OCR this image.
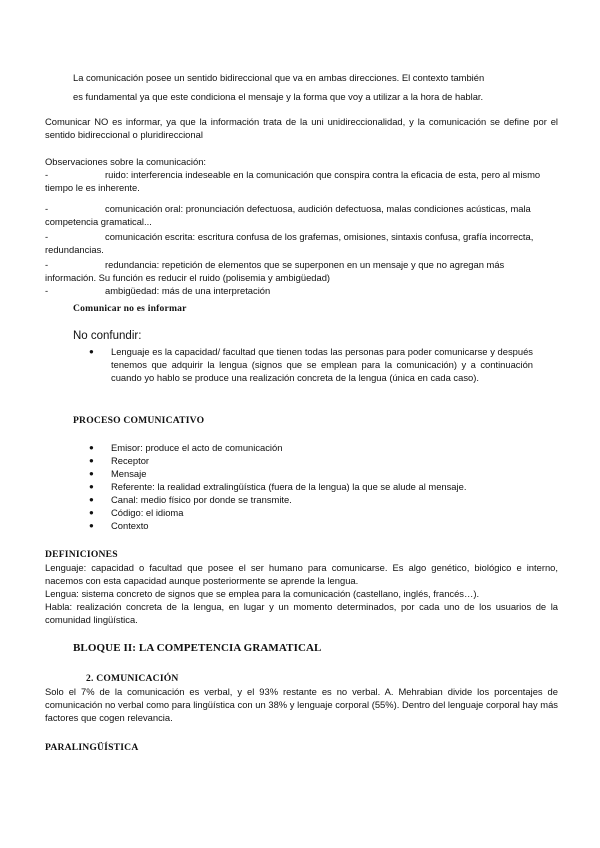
La comunicación posee un sentido bidireccional que va en ambas direcciones. El contexto también

es fundamental ya que este condiciona el mensaje y la forma que voy a utilizar a la hora de hablar.

Comunicar NO es informar, ya que la información trata de la uni unidireccionalidad, y la comunicación se define por el sentido bidireccional o pluridireccional

Observaciones sobre la comunicación:

-	ruido: interferencia indeseable en la comunicación que conspira contra la eficacia de esta, pero al mismo

tiempo le es inherente.

-	comunicación oral: pronunciación defectuosa, audición defectuosa, malas condiciones acústicas, mala

competencia gramatical...

-	comunicación escrita: escritura confusa de los grafemas, omisiones, sintaxis confusa, grafía incorrecta,

redundancias.

-	redundancia: repetición de elementos que se superponen en un mensaje y que no agregan más

información. Su función es reducir el ruido (polisemia y ambigüedad)

-	ambigüedad: más de una interpretación
Comunicar no es informar

No confundir:

● Lenguaje es la capacidad/ facultad que tienen todas las personas para poder comunicarse y después tenemos que adquirir la lengua (signos que se emplean para la comunicación) y a continuación cuando yo hablo se produce una realización concreta de la lengua (única en cada caso).

PROCESO COMUNICATIVO
● Emisor: produce el acto de comunicación
● Receptor
● Mensaje
● Referente: la realidad extralingüística (fuera de la lengua) la que se alude al mensaje.
● Canal: medio físico por donde se transmite.
● Código: el idioma
● Contexto

DEFINICIONES

Lenguaje: capacidad o facultad que posee el ser humano para comunicarse. Es algo genético, biológico e interno, nacemos con esta capacidad aunque posteriormente se aprende la lengua.

Lengua: sistema concreto de signos que se emplea para la comunicación (castellano, inglés, francés…).

Habla: realización concreta de la lengua, en lugar y un momento determinados, por cada uno de los usuarios de la comunidad lingüística.

BLOQUE II: LA COMPETENCIA GRAMATICAL

2. COMUNICACIÓN

Solo el 7% de la comunicación es verbal, y el 93% restante es no verbal. A. Mehrabian divide los porcentajes de comunicación no verbal como para lingüística con un 38% y lenguaje corporal (55%). Dentro del lenguaje corporal hay más factores que cogen relevancia.

PARALINGÜÍSTICA
